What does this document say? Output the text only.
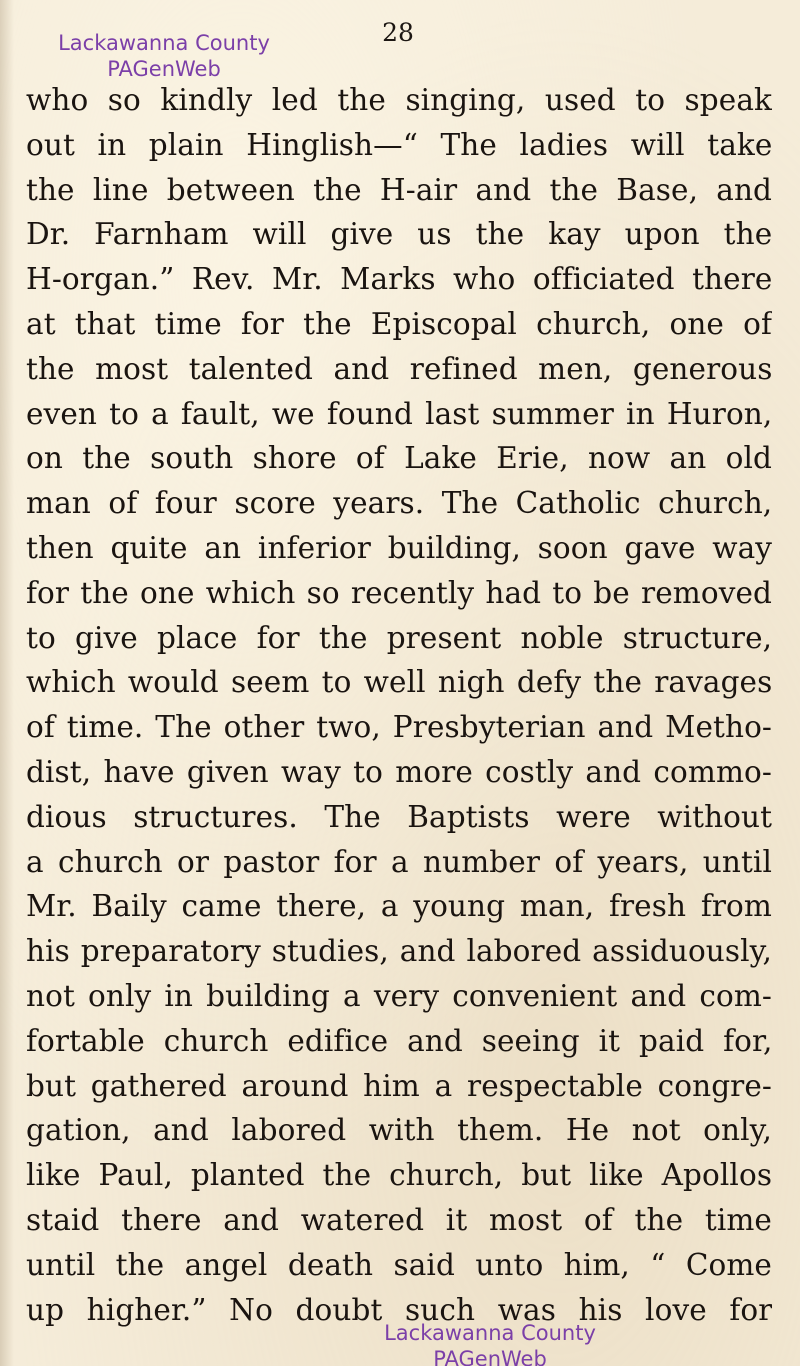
Lackawanna County
PAGenWeb
28
who so kindly led the singing, used to speak
out in plain Hinglish—“ The ladies will take
the line between the H-air and the Base, and
Dr. Farnham will give us the kay upon the
H-organ.” Rev. Mr. Marks who officiated there
at that time for the Episcopal church, one of
the most talented and refined men, generous
even to a fault, we found last summer in Huron,
on the south shore of Lake Erie, now an old
man of four score years. The Catholic church,
then quite an inferior building, soon gave way
for the one which so recently had to be removed
to give place for the present noble structure,
which would seem to well nigh defy the ravages
of time. The other two, Presbyterian and Metho-
dist, have given way to more costly and commo-
dious structures. The Baptists were without
a church or pastor for a number of years, until
Mr. Baily came there, a young man, fresh from
his preparatory studies, and labored assiduously,
not only in building a very convenient and com-
fortable church edifice and seeing it paid for,
but gathered around him a respectable congre-
gation, and labored with them. He not only,
like Paul, planted the church, but like Apollos
staid there and watered it most of the time
until the angel death said unto him, “ Come
up higher.” No doubt such was his love for
Lackawanna County
PAGenWeb
